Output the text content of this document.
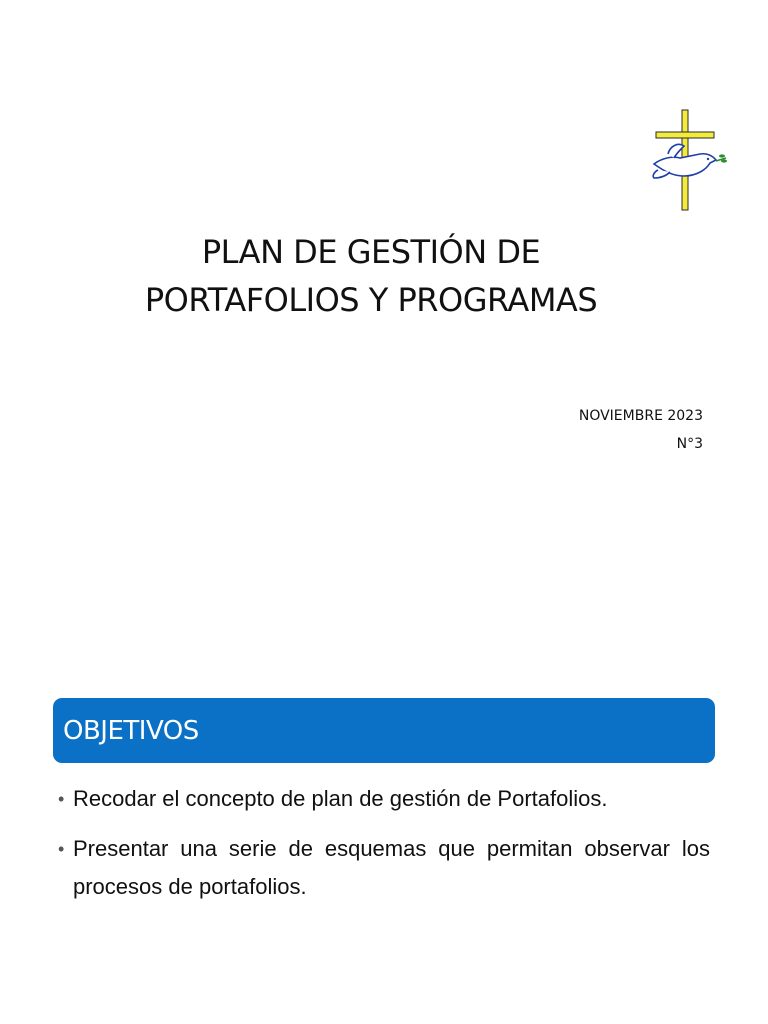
PLAN DE GESTIÓN DE
PORTAFOLIOS Y PROGRAMAS
NOVIEMBRE 2023
N°3
OBJETIVOS
• Recodar el concepto de plan de gestión de Portafolios.
• Presentar una serie de esquemas que permitan observar los procesos de portafolios.
